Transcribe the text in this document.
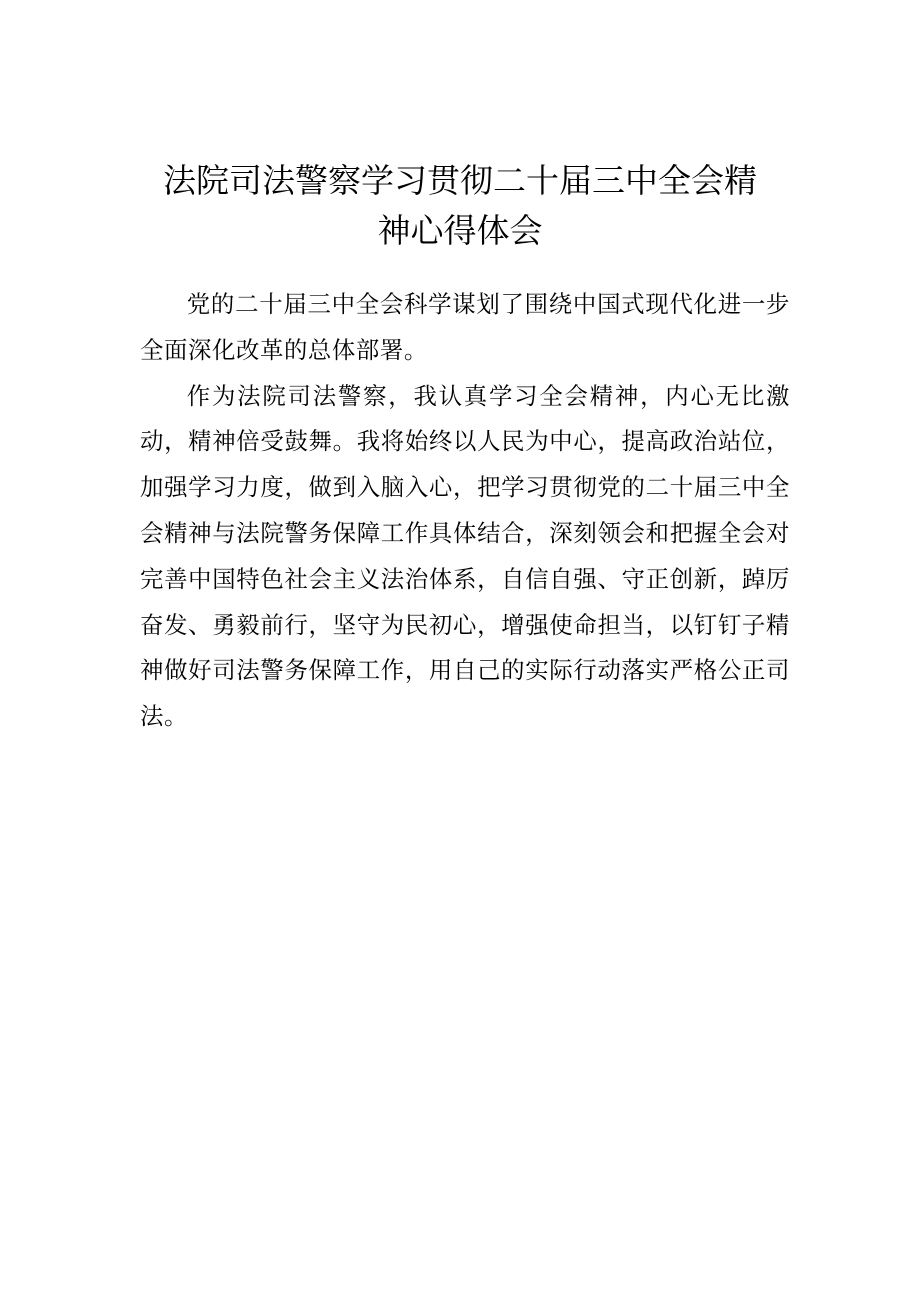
法院司法警察学习贯彻二十届三中全会精
神心得体会

党的二十届三中全会科学谋划了围绕中国式现代化进一步全面深化改革的总体部署。

作为法院司法警察，我认真学习全会精神，内心无比激动，精神倍受鼓舞。我将始终以人民为中心，提高政治站位，加强学习力度，做到入脑入心，把学习贯彻党的二十届三中全会精神与法院警务保障工作具体结合，深刻领会和把握全会对完善中国特色社会主义法治体系，自信自强、守正创新，踔厉奋发、勇毅前行，坚守为民初心，增强使命担当，以钉钉子精神做好司法警务保障工作，用自己的实际行动落实严格公正司法。
